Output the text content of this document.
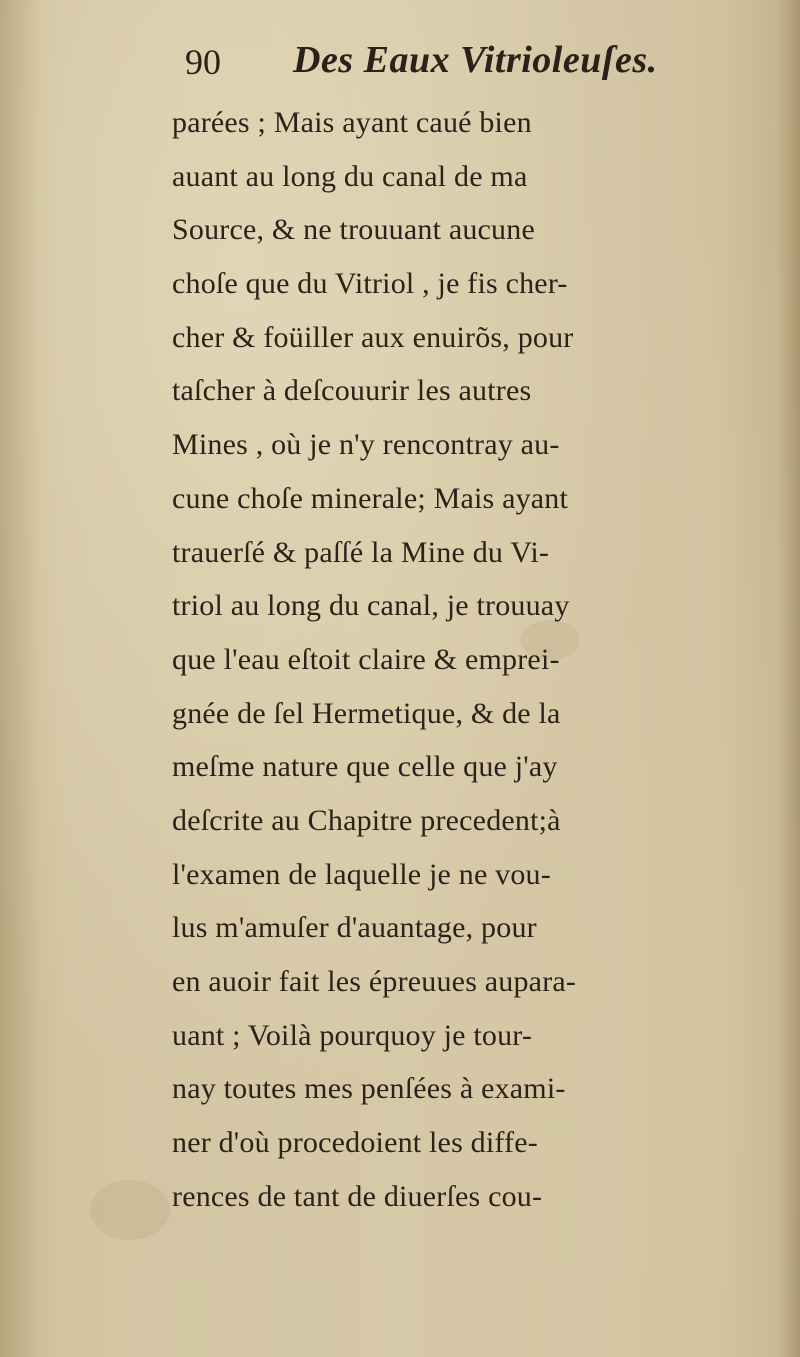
90 Des Eaux Vitrioleuſes.
parées ; Mais ayant caué bien
auant au long du canal de ma
Source, & ne trouuant aucune
choſe que du Vitriol , je fis cher-
cher & foüiller aux enuirõs, pour
taſcher à deſcouurir les autres
Mines , où je n'y rencontray au-
cune choſe minerale; Mais ayant
trauerſé & paſſé la Mine du Vi-
triol au long du canal, je trouuay
que l'eau eſtoit claire & emprei-
gnée de ſel Hermetique, & de la
meſme nature que celle que j'ay
deſcrite au Chapitre precedent;à
l'examen de laquelle je ne vou-
lus m'amuſer d'auantage, pour
en auoir fait les épreuues aupara-
uant ; Voilà pourquoy je tour-
nay toutes mes penſées à exami-
ner d'où procedoient les diffe-
rences de tant de diuerſes cou-
